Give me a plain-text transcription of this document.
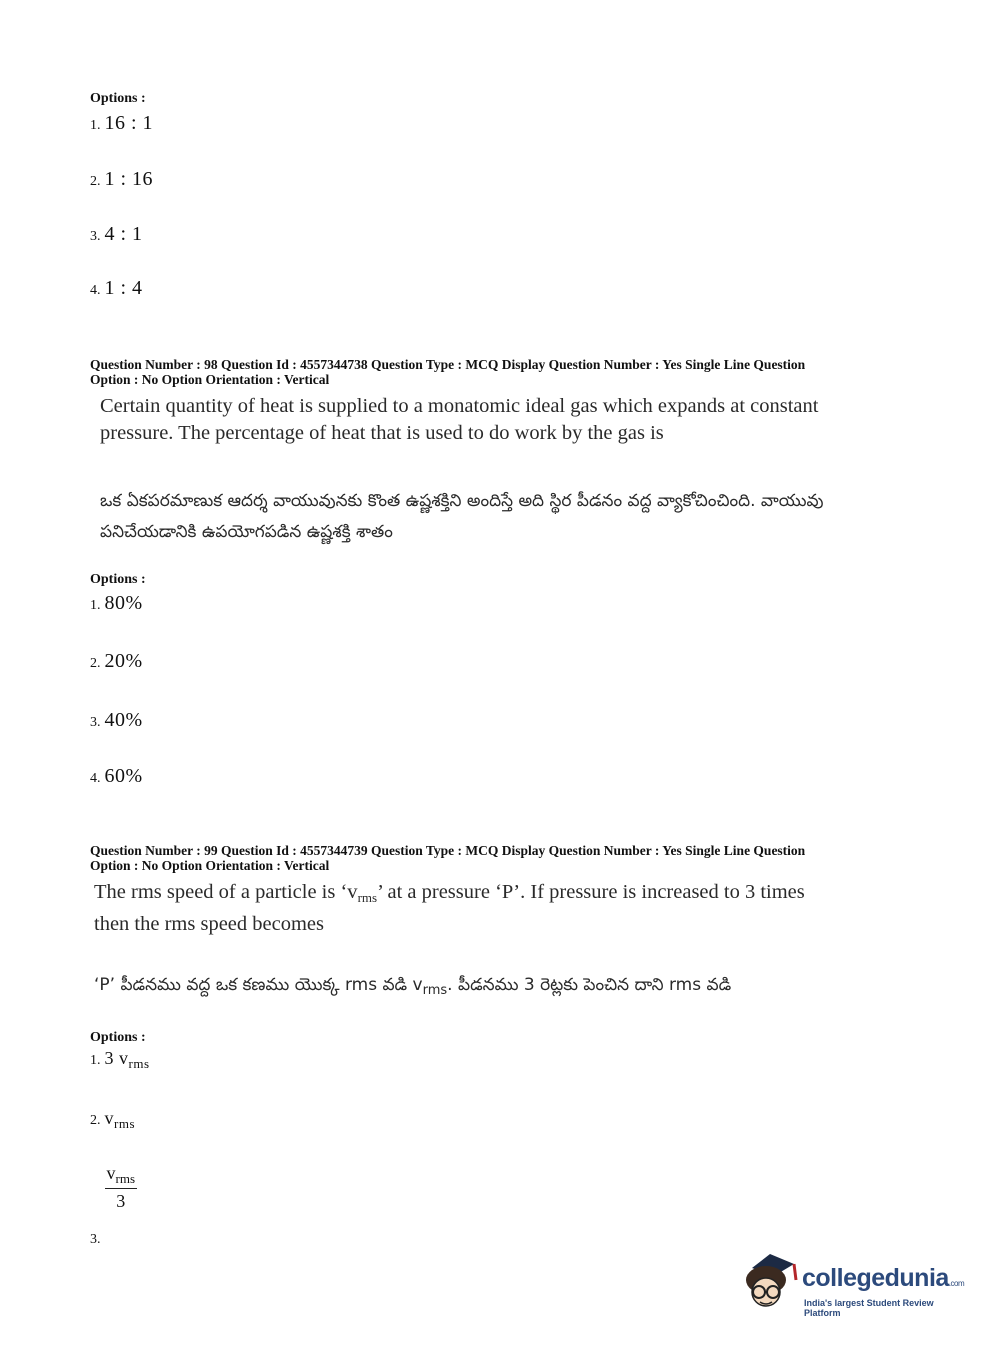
Options :
1. 16 : 1
2. 1 : 16
3. 4 : 1
4. 1 : 4
Question Number : 98 Question Id : 4557344738 Question Type : MCQ Display Question Number : Yes Single Line Question
Option : No Option Orientation : Vertical
Certain quantity of heat is supplied to a monatomic ideal gas which expands at constant pressure. The percentage of heat that is used to do work by the gas is
ఒక ఏకపరమాణుక ఆదర్శ వాయువునకు కొంత ఉష్ణశక్తిని అందిస్తే అది స్థిర పీడనం వద్ద వ్యాకోచించింది. వాయువు పనిచేయడానికి ఉపయోగపడిన ఉష్ణశక్తి శాతం
Options :
1. 80%
2. 20%
3. 40%
4. 60%
Question Number : 99 Question Id : 4557344739 Question Type : MCQ Display Question Number : Yes Single Line Question
Option : No Option Orientation : Vertical
The rms speed of a particle is ‘$v_{rms}$’ at a pressure ‘P’. If pressure is increased to 3 times
then the rms speed becomes
‘P’ పీడనము వద్ద ఒక కణము యొక్క rms వడి $v_{rms}$. పీడనము 3 రెట్లకు పెంచిన దాని rms వడి
Options :
1. 3 $v_{rms}$
2. $v_{rms}$
3.
$\frac{v_{rms}}{3}$
collegedunia.com
India's largest Student Review Platform
